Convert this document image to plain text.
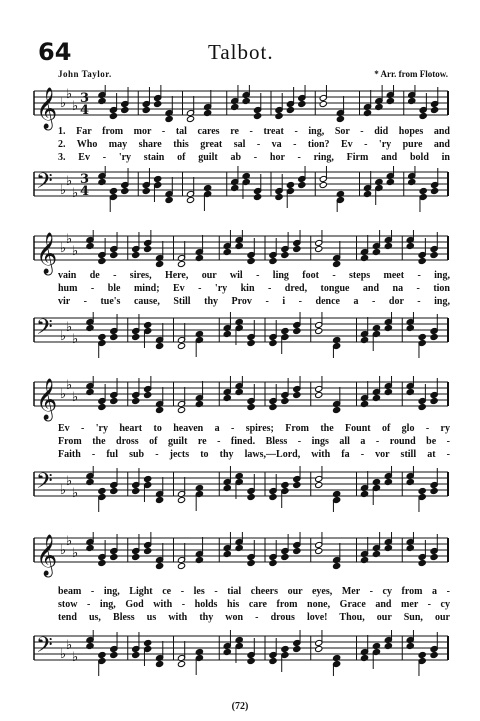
64	Talbot.
John Taylor.	* Arr. from Flotow.
𝄞 ♭
♭
♭
3
4
1. Far from mor - tal cares re - treat - ing, Sor - did hopes and
2. Who may share this great sal - va - tion? Ev - 'ry pure and
3. Ev - 'ry stain of guilt ab - hor - ring, Firm and bold in
𝄢 ♭
♭
♭
3
4
𝄞 ♭
♭
♭
vain de - sires, Here, our wil - ling foot - steps meet - ing,
hum - ble mind; Ev - 'ry kin - dred, tongue and na - tion
vir - tue's cause, Still thy Prov - i - dence a - dor - ing,
𝄢 ♭
♭
♭
𝄞 ♭
♭
♭
Ev - 'ry heart to heaven a - spires; From the Fount of glo - ry
From the dross of guilt re - fined. Bless - ings all a - round be -
Faith - ful sub - jects to thy laws,—Lord, with fa - vor still at -
𝄢 ♭
♭
♭
𝄞 ♭
♭
♭
beam - ing, Light ce - les - tial cheers our eyes, Mer - cy from a -
stow - ing, God with - holds his care from none, Grace and mer - cy
tend us, Bless us with thy won - drous love! Thou, our Sun, our
𝄢 ♭
♭
♭
(72)
